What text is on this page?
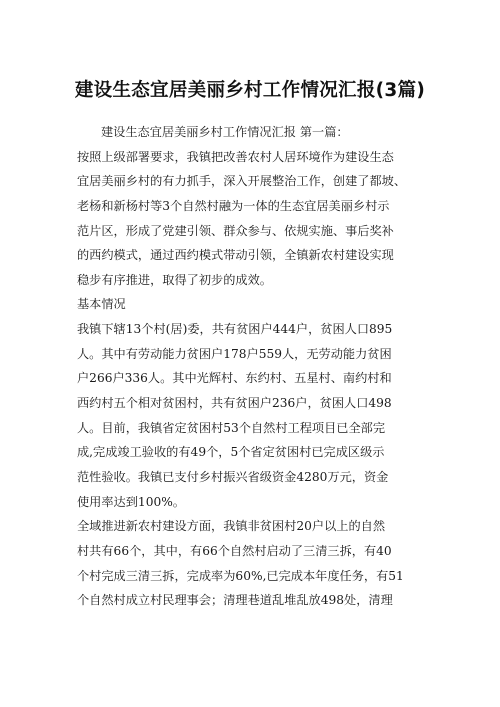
建设生态宜居美丽乡村工作情况汇报(3篇)
建设生态宜居美丽乡村工作情况汇报 第一篇：
按照上级部署要求，我镇把改善农村人居环境作为建设生态
宜居美丽乡村的有力抓手，深入开展整治工作，创建了都坡、
老杨和新杨村等3个自然村融为一体的生态宜居美丽乡村示
范片区，形成了党建引领、群众参与、依规实施、事后奖补
的西约模式，通过西约模式带动引领，全镇新农村建设实现
稳步有序推进，取得了初步的成效。
基本情况
我镇下辖13个村(居)委，共有贫困户444户，贫困人口895
人。其中有劳动能力贫困户178户559人，无劳动能力贫困
户266户336人。其中光辉村、东约村、五星村、南约村和
西约村五个相对贫困村，共有贫困户236户，贫困人口498
人。目前，我镇省定贫困村53个自然村工程项目已全部完
成,完成竣工验收的有49个，5个省定贫困村已完成区级示
范性验收。我镇已支付乡村振兴省级资金4280万元，资金
使用率达到100%。
全域推进新农村建设方面，我镇非贫困村20户以上的自然
村共有66个，其中，有66个自然村启动了三清三拆，有40
个村完成三清三拆，完成率为60%,已完成本年度任务，有51
个自然村成立村民理事会；清理巷道乱堆乱放498处，清理
